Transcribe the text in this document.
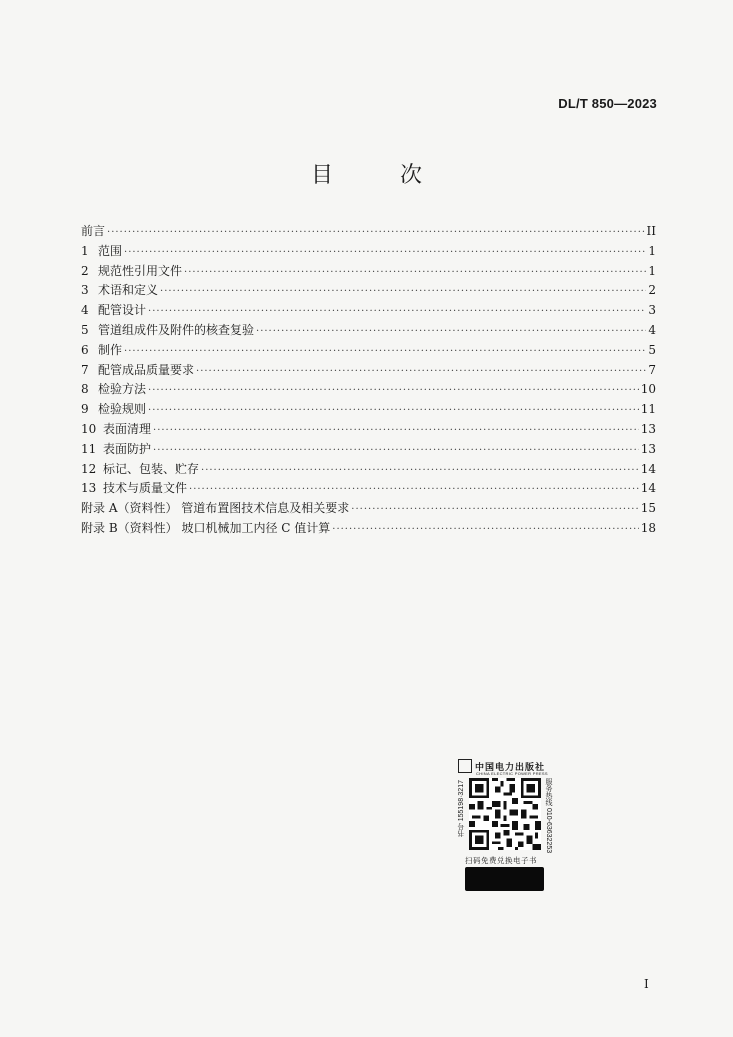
DL/T 850—2023
目 次
前言 ·····	II
1 范围 ·····	1
2 规范性引用文件 ·····	1
3 术语和定义 ·····	2
4 配管设计 ·····	3
5 管道组成件及附件的核查复验 ·····	4
6 制作 ·····	5
7 配管成品质量要求 ·····	7
8 检验方法 ·····	10
9 检验规则 ·····	11
10 表面清理 ·····	13
11 表面防护 ·····	13
12 标记、包装、贮存 ·····	14
13 技术与质量文件 ·····	14
附录 A（资料性） 管道布置图技术信息及相关要求 ·····	15
附录 B（资料性） 坡口机械加工内径 C 值计算 ·····	18
中国电力出版社
CHINA ELECTRIC POWER PRESS
书号 155198·3217	服务热线 010-63632253
扫码免费兑换电子书
I
